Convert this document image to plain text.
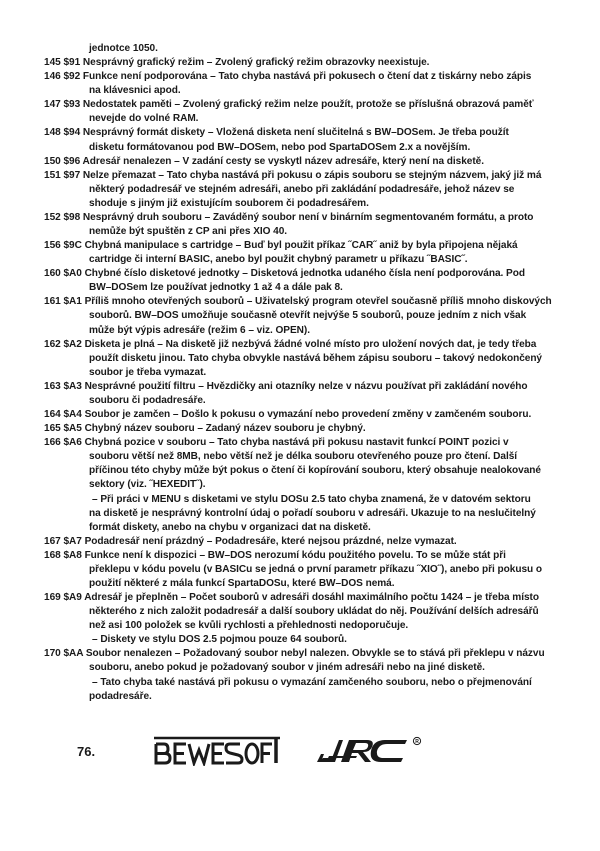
jednotce 1050.
145 $91 Nesprávný grafický režim – Zvolený grafický režim obrazovky neexistuje.
146 $92 Funkce není podporována – Tato chyba nastává při pokusech o čtení dat z tiskárny nebo zápis
na klávesnici apod.
147 $93 Nedostatek paměti – Zvolený grafický režim nelze použít, protože se příslušná obrazová paměť
nevejde do volné RAM.
148 $94 Nesprávný formát diskety – Vložená disketa není slučitelná s BW–DOSem. Je třeba použít
disketu formátovanou pod BW–DOSem, nebo pod SpartaDOSem 2.x a novějším.
150 $96 Adresář nenalezen – V zadání cesty se vyskytl název adresáře, který není na disketě.
151 $97 Nelze přemazat – Tato chyba nastává při pokusu o zápis souboru se stejným názvem, jaký již má
některý podadresář ve stejném adresáři, anebo při zakládání podadresáře, jehož název se
shoduje s jiným již existujícím souborem či podadresářem.
152 $98 Nesprávný druh souboru – Zaváděný soubor není v binárním segmentovaném formátu, a proto
nemůže být spuštěn z CP ani přes XIO 40.
156 $9C Chybná manipulace s cartridge – Buď byl použit příkaz ˝CAR˝ aniž by byla připojena nějaká
cartridge či interní BASIC, anebo byl použit chybný parametr u příkazu ˝BASIC˝.
160 $A0 Chybné číslo disketové jednotky – Disketová jednotka udaného čísla není podporována. Pod
BW–DOSem lze používat jednotky 1 až 4 a dále pak 8.
161 $A1 Příliš mnoho otevřených souborů – Uživatelský program otevřel současně příliš mnoho diskových
souborů. BW–DOS umožňuje současně otevřít nejvýše 5 souborů, pouze jedním z nich však
může být výpis adresáře (režim 6 – viz. OPEN).
162 $A2 Disketa je plná – Na disketě již nezbývá žádné volné místo pro uložení nových dat, je tedy třeba
použít disketu jinou. Tato chyba obvykle nastává během zápisu souboru – takový nedokončený
soubor je třeba vymazat.
163 $A3 Nesprávné použití filtru – Hvězdičky ani otazníky nelze v názvu používat při zakládání nového
souboru či podadresáře.
164 $A4 Soubor je zamčen – Došlo k pokusu o vymazání nebo provedení změny v zamčeném souboru.
165 $A5 Chybný název souboru – Zadaný název souboru je chybný.
166 $A6 Chybná pozice v souboru – Tato chyba nastává při pokusu nastavit funkcí POINT pozici v
souboru větší než 8MB, nebo větší než je délka souboru otevřeného pouze pro čtení. Další
příčinou této chyby může být pokus o čtení či kopírování souboru, který obsahuje nealokované
sektory (viz. ˝HEXEDIT˝).
– Při práci v MENU s disketami ve stylu DOSu 2.5 tato chyba znamená, že v datovém sektoru
na disketě je nesprávný kontrolní údaj o pořadí souboru v adresáři. Ukazuje to na neslučitelný
formát diskety, anebo na chybu v organizaci dat na disketě.
167 $A7 Podadresář není prázdný – Podadresáře, které nejsou prázdné, nelze vymazat.
168 $A8 Funkce není k dispozici – BW–DOS nerozumí kódu použitého povelu. To se může stát při
překlepu v kódu povelu (v BASICu se jedná o první parametr příkazu ˝XIO˝), anebo při pokusu o
použití některé z mála funkcí SpartaDOSu, které BW–DOS nemá.
169 $A9 Adresář je přeplněn – Počet souborů v adresáři dosáhl maximálního počtu 1424 – je třeba místo
některého z nich založit podadresář a další soubory ukládat do něj. Používání delších adresářů
než asi 100 položek se kvůli rychlosti a přehlednosti nedoporučuje.
– Diskety ve stylu DOS 2.5 pojmou pouze 64 souborů.
170 $AA Soubor nenalezen – Požadovaný soubor nebyl nalezen. Obvykle se to stává při překlepu v názvu
souboru, anebo pokud je požadovaný soubor v jiném adresáři nebo na jiné disketě.
– Tato chyba také nastává při pokusu o vymazání zamčeného souboru, nebo o přejmenování
podadresáře.
76.
R
